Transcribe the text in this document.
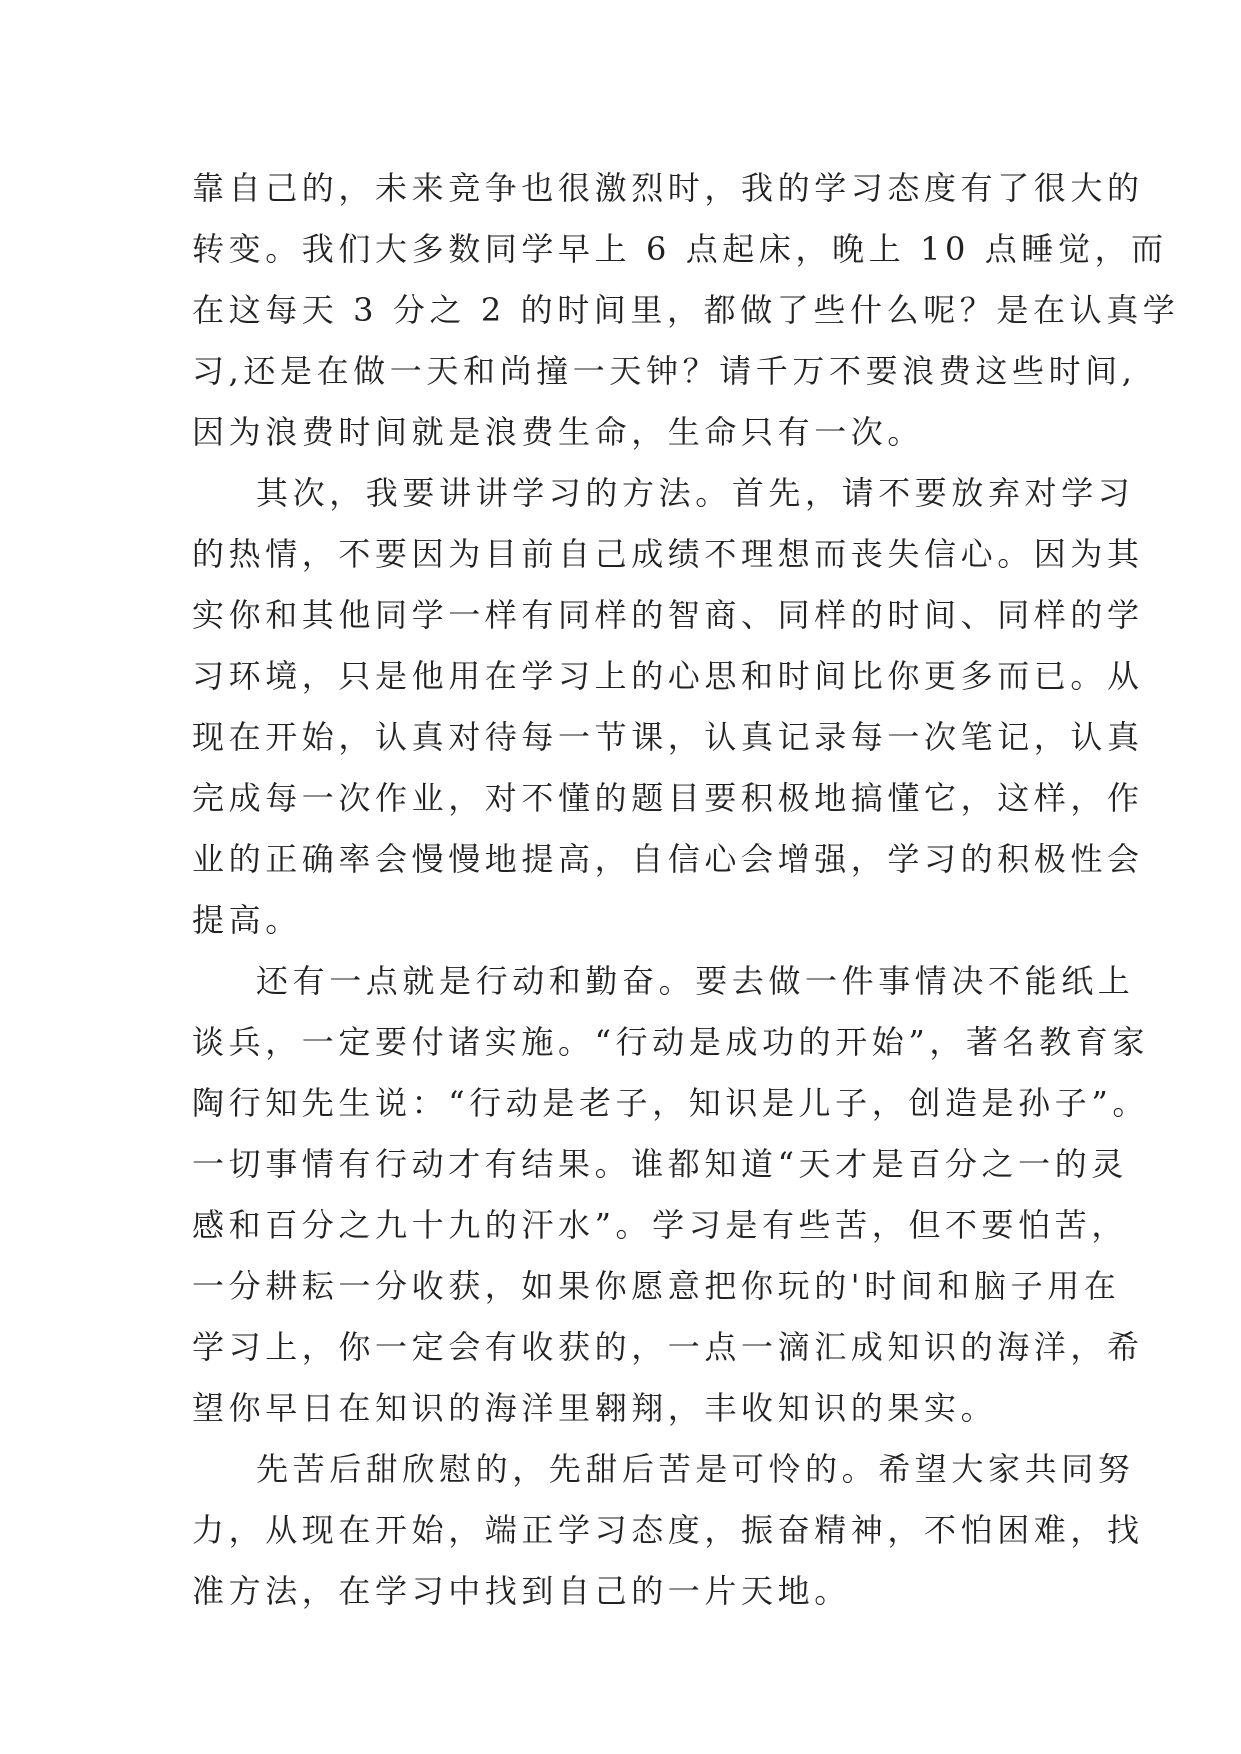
靠自己的，未来竞争也很激烈时，我的学习态度有了很大的
转变。我们大多数同学早上 6 点起床，晚上 10 点睡觉，而
在这每天 3 分之 2 的时间里，都做了些什么呢？是在认真学
习,还是在做一天和尚撞一天钟？请千万不要浪费这些时间,
因为浪费时间就是浪费生命，生命只有一次。
其次，我要讲讲学习的方法。首先，请不要放弃对学习
的热情，不要因为目前自己成绩不理想而丧失信心。因为其
实你和其他同学一样有同样的智商、同样的时间、同样的学
习环境，只是他用在学习上的心思和时间比你更多而已。从
现在开始，认真对待每一节课，认真记录每一次笔记，认真
完成每一次作业，对不懂的题目要积极地搞懂它，这样，作
业的正确率会慢慢地提高，自信心会增强，学习的积极性会
提高。
还有一点就是行动和勤奋。要去做一件事情决不能纸上
谈兵，一定要付诸实施。“行动是成功的开始”，著名教育家
陶行知先生说：“行动是老子，知识是儿子，创造是孙子”。
一切事情有行动才有结果。谁都知道“天才是百分之一的灵
感和百分之九十九的汗水”。学习是有些苦，但不要怕苦，
一分耕耘一分收获，如果你愿意把你玩的'时间和脑子用在
学习上，你一定会有收获的，一点一滴汇成知识的海洋，希
望你早日在知识的海洋里翱翔，丰收知识的果实。
先苦后甜欣慰的，先甜后苦是可怜的。希望大家共同努
力，从现在开始，端正学习态度，振奋精神，不怕困难，找
准方法，在学习中找到自己的一片天地。
